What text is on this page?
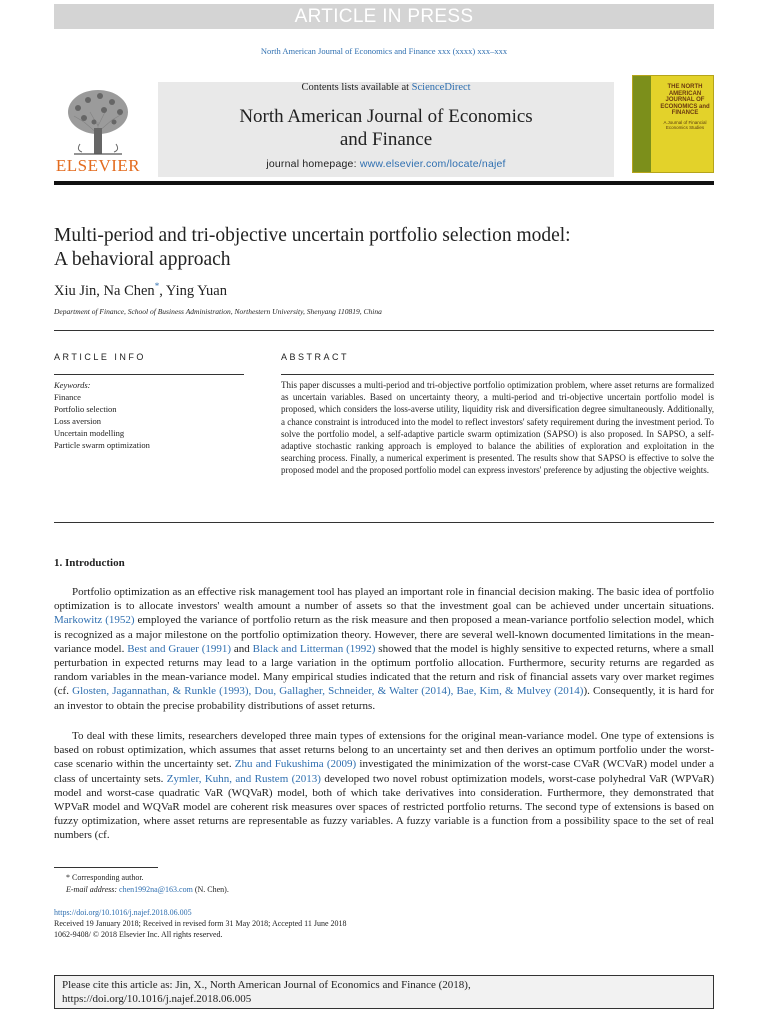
ARTICLE IN PRESS
North American Journal of Economics and Finance xxx (xxxx) xxx–xxx
ELSEVIER
Contents lists available at ScienceDirect
North American Journal of Economics
and Finance
journal homepage: www.elsevier.com/locate/najef
THE NORTH AMERICAN JOURNAL OF ECONOMICS and FINANCE
A Journal of Financial Economics Studies
Multi-period and tri-objective uncertain portfolio selection model:
A behavioral approach
Xiu Jin, Na Chen*, Ying Yuan
Department of Finance, School of Business Administration, Northestern University, Shenyang 110819, China
ARTICLE INFO	ABSTRACT
Keywords:
Finance
Portfolio selection
Loss aversion
Uncertain modelling
Particle swarm optimization
This paper discusses a multi-period and tri-objective portfolio optimization problem, where asset returns are formalized as uncertain variables. Based on uncertainty theory, a multi-period and tri-objective uncertain portfolio model is proposed, which considers the loss-averse utility, liquidity risk and diversification degree simultaneously. Additionally, a chance constraint is introduced into the model to reflect investors' safety requirement during the investment period. To solve the portfolio model, a self-adaptive particle swarm optimization (SAPSO) is also proposed. In SAPSO, a self-adaptive stochastic ranking approach is employed to balance the abilities of exploration and exploitation in the searching process. Finally, a numerical experiment is presented. The results show that SAPSO is effective to solve the proposed model and the proposed portfolio model can express investors' preference by adjusting the objective weights.
1. Introduction
Portfolio optimization as an effective risk management tool has played an important role in financial decision making. The basic idea of portfolio optimization is to allocate investors' wealth amount a number of assets so that the investment goal can be achieved under uncertain situations. Markowitz (1952) employed the variance of portfolio return as the risk measure and then proposed a mean-variance portfolio selection model, which is recognized as a major milestone on the portfolio optimization theory. However, there are several well-known documented limitations in the mean-variance model. Best and Grauer (1991) and Black and Litterman (1992) showed that the model is highly sensitive to expected returns, where a small perturbation in expected returns may lead to a large variation in the optimum portfolio allocation. Furthermore, security returns are regarded as random variables in the mean-variance model. Many empirical studies indicated that the return and risk of financial assets vary over market regimes (cf. Glosten, Jagannathan, & Runkle (1993), Dou, Gallagher, Schneider, & Walter (2014), Bae, Kim, & Mulvey (2014)). Consequently, it is hard for an investor to obtain the precise probability distributions of asset returns.
To deal with these limits, researchers developed three main types of extensions for the original mean-variance model. One type of extensions is based on robust optimization, which assumes that asset returns belong to an uncertainty set and then derives an optimum portfolio under the worst-case scenario within the uncertainty set. Zhu and Fukushima (2009) investigated the minimization of the worst-case CVaR (WCVaR) model under a class of uncertainty sets. Zymler, Kuhn, and Rustem (2013) developed two novel robust optimization models, worst-case polyhedral VaR (WPVaR) model and worst-case quadratic VaR (WQVaR) model, both of which take derivatives into consideration. Furthermore, they demonstrated that WPVaR model and WQVaR model are coherent risk measures over spaces of restricted portfolio returns. The second type of extensions is based on fuzzy optimization, where asset returns are representable as fuzzy variables. A fuzzy variable is a function from a possibility space to the set of real numbers (cf.
* Corresponding author.
E-mail address: chen1992na@163.com (N. Chen).
https://doi.org/10.1016/j.najef.2018.06.005
Received 19 January 2018; Received in revised form 31 May 2018; Accepted 11 June 2018
1062-9408/ © 2018 Elsevier Inc. All rights reserved.
Please cite this article as: Jin, X., North American Journal of Economics and Finance (2018),
https://doi.org/10.1016/j.najef.2018.06.005
